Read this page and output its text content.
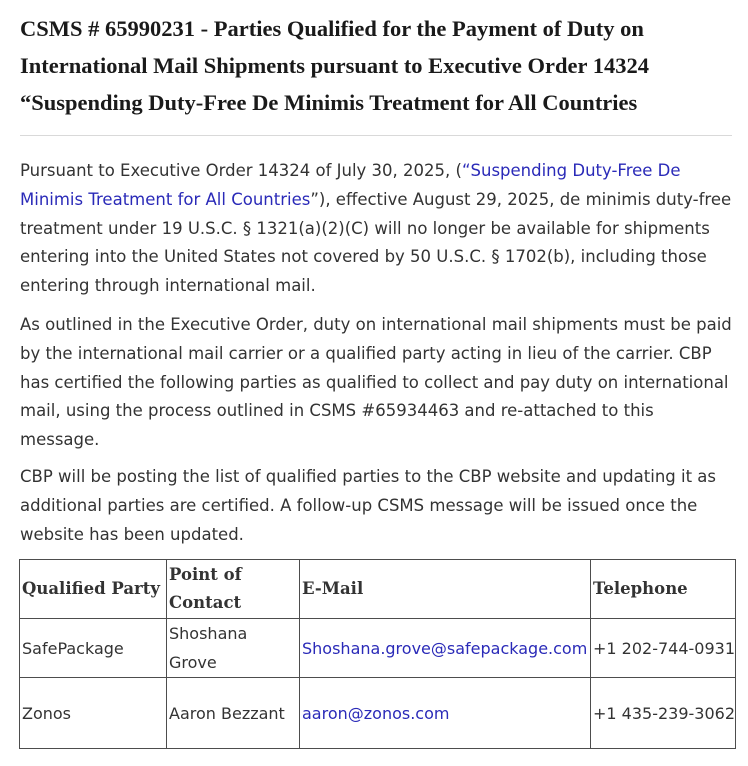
CSMS # 65990231 - Parties Qualified for the Payment of Duty on International Mail Shipments pursuant to Executive Order 14324 “Suspending Duty-Free De Minimis Treatment for All Countries

Pursuant to Executive Order 14324 of July 30, 2025, (“Suspending Duty-Free De Minimis Treatment for All Countries”), effective August 29, 2025, de minimis duty-free treatment under 19 U.S.C. § 1321(a)(2)(C) will no longer be available for shipments entering into the United States not covered by 50 U.S.C. § 1702(b), including those entering through international mail.

As outlined in the Executive Order, duty on international mail shipments must be paid by the international mail carrier or a qualified party acting in lieu of the carrier. CBP has certified the following parties as qualified to collect and pay duty on international mail, using the process outlined in CSMS #65934463 and re-attached to this message.

CBP will be posting the list of qualified parties to the CBP website and updating it as additional parties are certified. A follow-up CSMS message will be issued once the website has been updated.

Qualified Party	Point of Contact	E-Mail	Telephone
SafePackage	Shoshana Grove	Shoshana.grove@safepackage.com	+1 202-744-0931
Zonos	Aaron Bezzant	aaron@zonos.com	+1 435-239-3062
